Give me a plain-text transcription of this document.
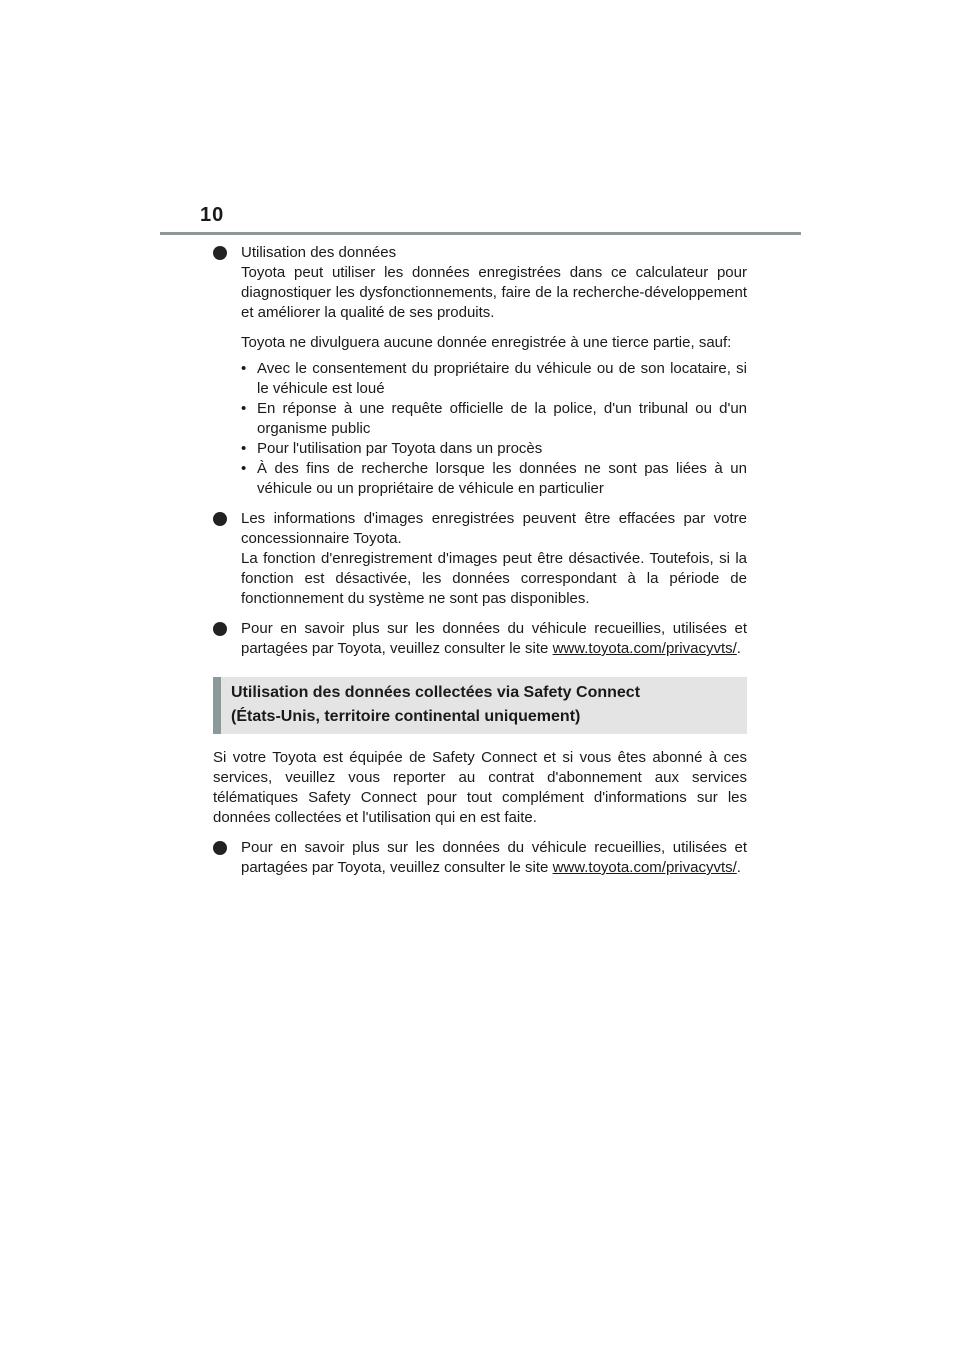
10
Utilisation des données

Toyota peut utiliser les données enregistrées dans ce calculateur pour diagnostiquer les dysfonctionnements, faire de la recherche-développement et améliorer la qualité de ses produits.

Toyota ne divulguera aucune donnée enregistrée à une tierce partie, sauf:

• Avec le consentement du propriétaire du véhicule ou de son locataire, si le véhicule est loué
• En réponse à une requête officielle de la police, d'un tribunal ou d'un organisme public
• Pour l'utilisation par Toyota dans un procès
• À des fins de recherche lorsque les données ne sont pas liées à un véhicule ou un propriétaire de véhicule en particulier

Les informations d'images enregistrées peuvent être effacées par votre concessionnaire Toyota.

La fonction d'enregistrement d'images peut être désactivée. Toutefois, si la fonction est désactivée, les données correspondant à la période de fonctionnement du système ne sont pas disponibles.

Pour en savoir plus sur les données du véhicule recueillies, utilisées et partagées par Toyota, veuillez consulter le site www.toyota.com/privacyvts/.

Utilisation des données collectées via Safety Connect
(États-Unis, territoire continental uniquement)

Si votre Toyota est équipée de Safety Connect et si vous êtes abonné à ces services, veuillez vous reporter au contrat d'abonnement aux services télématiques Safety Connect pour tout complément d'informations sur les données collectées et l'utilisation qui en est faite.

Pour en savoir plus sur les données du véhicule recueillies, utilisées et partagées par Toyota, veuillez consulter le site www.toyota.com/privacyvts/.
